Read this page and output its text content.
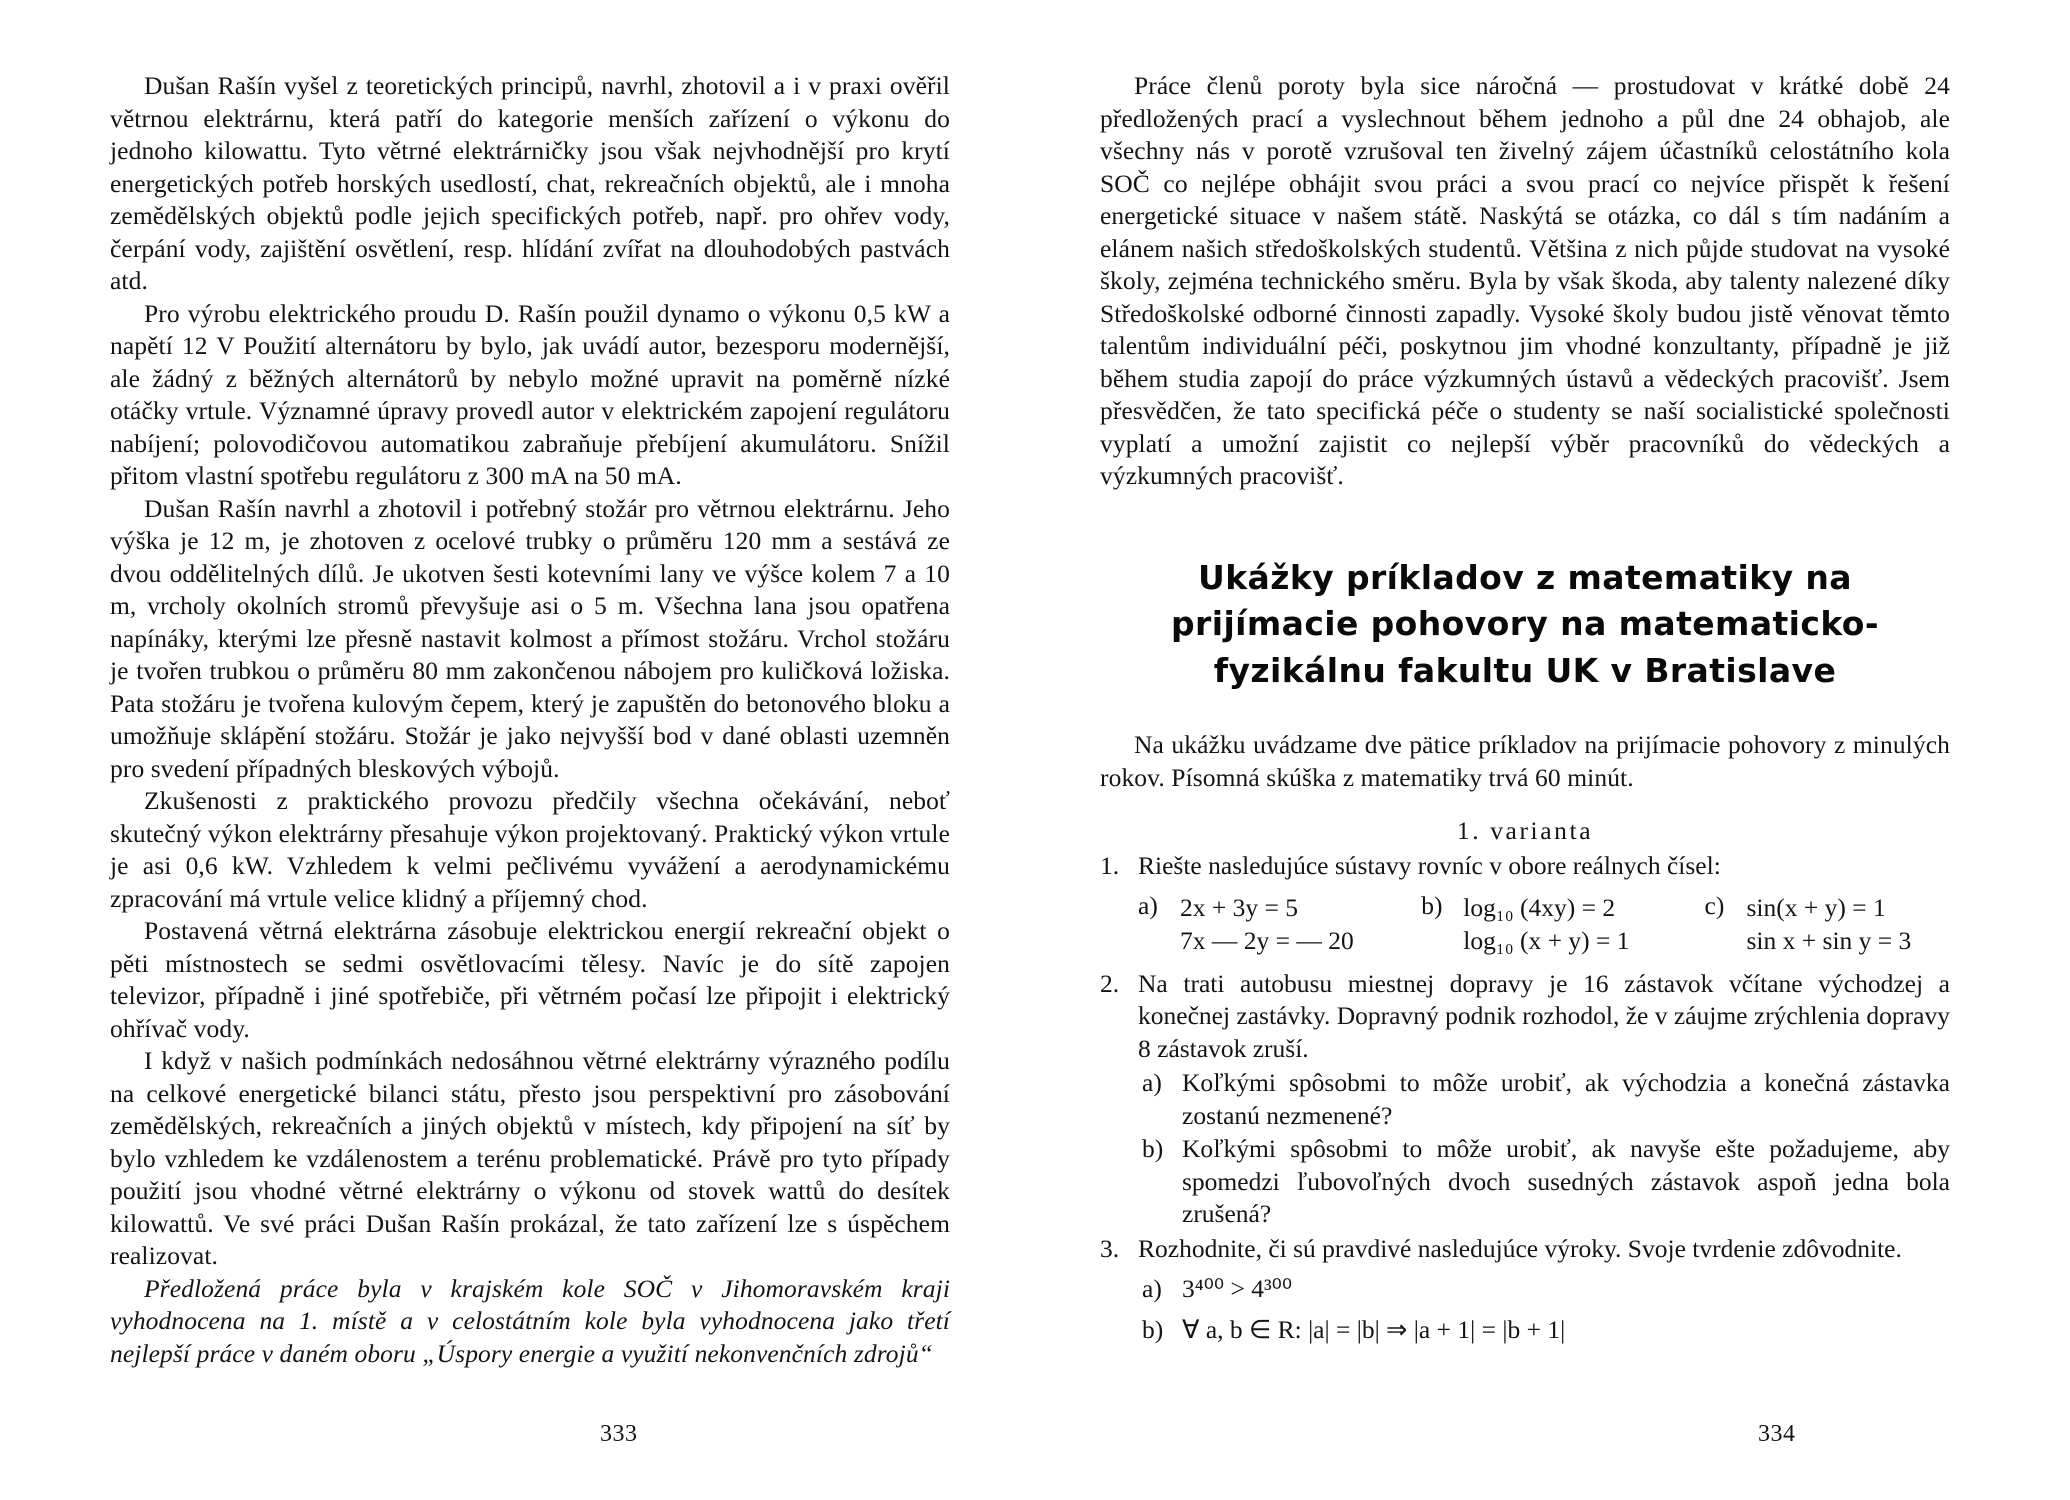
Dušan Rašín vyšel z teoretických principů, navrhl, zhotovil a i v praxi ověřil větrnou elektrárnu, která patří do kategorie menších zařízení o výkonu do jednoho kilowattu. Tyto větrné elektrárničky jsou však nejvhodnější pro krytí energetických potřeb horských usedlostí, chat, rekreačních objektů, ale i mnoha zemědělských objektů podle jejich specifických potřeb, např. pro ohřev vody, čerpání vody, zajištění osvětlení, resp. hlídání zvířat na dlouhodobých pastvách atd.

Pro výrobu elektrického proudu D. Rašín použil dynamo o výkonu 0,5 kW a napětí 12 V Použití alternátoru by bylo, jak uvádí autor, bezesporu modernější, ale žádný z běžných alternátorů by nebylo možné upravit na poměrně nízké otáčky vrtule. Významné úpravy provedl autor v elektrickém zapojení regulátoru nabíjení; polovodičovou automatikou zabraňuje přebíjení akumulátoru. Snížil přitom vlastní spotřebu regulátoru z 300 mA na 50 mA.

Dušan Rašín navrhl a zhotovil i potřebný stožár pro větrnou elektrárnu. Jeho výška je 12 m, je zhotoven z ocelové trubky o průměru 120 mm a sestává ze dvou oddělitelných dílů. Je ukotven šesti kotevními lany ve výšce kolem 7 a 10 m, vrcholy okolních stromů převyšuje asi o 5 m. Všechna lana jsou opatřena napínáky, kterými lze přesně nastavit kolmost a přímost stožáru. Vrchol stožáru je tvořen trubkou o průměru 80 mm zakončenou nábojem pro kuličková ložiska. Pata stožáru je tvořena kulovým čepem, který je zapuštěn do betonového bloku a umožňuje sklápění stožáru. Stožár je jako nejvyšší bod v dané oblasti uzemněn pro svedení případných bleskových výbojů.

Zkušenosti z praktického provozu předčily všechna očekávání, neboť skutečný výkon elektrárny přesahuje výkon projektovaný. Praktický výkon vrtule je asi 0,6 kW. Vzhledem k velmi pečlivému vyvážení a aerodynamickému zpracování má vrtule velice klidný a příjemný chod.

Postavená větrná elektrárna zásobuje elektrickou energií rekreační objekt o pěti místnostech se sedmi osvětlovacími tělesy. Navíc je do sítě zapojen televizor, případně i jiné spotřebiče, při větrném počasí lze připojit i elektrický ohřívač vody.

I když v našich podmínkách nedosáhnou větrné elektrárny výrazného podílu na celkové energetické bilanci státu, přesto jsou perspektivní pro zásobování zemědělských, rekreačních a jiných objektů v místech, kdy připojení na síť by bylo vzhledem ke vzdálenostem a terénu problematické. Právě pro tyto případy použití jsou vhodné větrné elektrárny o výkonu od stovek wattů do desítek kilowattů. Ve své práci Dušan Rašín prokázal, že tato zařízení lze s úspěchem realizovat.

Předložená práce byla v krajském kole SOČ v Jihomoravském kraji vyhodnocena na 1. místě a v celostátním kole byla vyhodnocena jako třetí nejlepší práce v daném oboru „Úspory energie a využití nekonvenčních zdrojů“

333

Práce členů poroty byla sice náročná — prostudovat v krátké době 24 předložených prací a vyslechnout během jednoho a půl dne 24 obhajob, ale všechny nás v porotě vzrušoval ten živelný zájem účastníků celostátního kola SOČ co nejlépe obhájit svou práci a svou prací co nejvíce přispět k řešení energetické situace v našem státě. Naskýtá se otázka, co dál s tím nadáním a elánem našich středoškolských studentů. Většina z nich půjde studovat na vysoké školy, zejména technického směru. Byla by však škoda, aby talenty nalezené díky Středoškolské odborné činnosti zapadly. Vysoké školy budou jistě věnovat těmto talentům individuální péči, poskytnou jim vhodné konzultanty, případně je již během studia zapojí do práce výzkumných ústavů a vědeckých pracovišť. Jsem přesvědčen, že tato specifická péče o studenty se naší socialistické společnosti vyplatí a umožní zajistit co nejlepší výběr pracovníků do vědeckých a výzkumných pracovišť.

Ukážky príkladov z matematiky na prijímacie pohovory na matematicko-fyzikálnu fakultu UK v Bratislave

Na ukážku uvádzame dve pätice príkladov na prijímacie pohovory z minulých rokov. Písomná skúška z matematiky trvá 60 minút.

1. varianta
1. Riešte nasledujúce sústavy rovníc v obore reálnych čísel:
a) 2x + 3y = 5
7x — 2y = — 20
b) log₁₀ (4xy) = 2
log₁₀ (x + y) = 1
c) sin(x + y) = 1
sin x + sin y = 3
2. Na trati autobusu miestnej dopravy je 16 zástavok včítane východzej a konečnej zastávky. Dopravný podnik rozhodol, že v záujme zrýchlenia dopravy 8 zástavok zruší.
a) Koľkými spôsobmi to môže urobiť, ak východzia a konečná zástavka zostanú nezmenené?
b) Koľkými spôsobmi to môže urobiť, ak navyše ešte požadujeme, aby spomedzi ľubovoľných dvoch susedných zástavok aspoň jedna bola zrušená?
3. Rozhodnite, či sú pravdivé nasledujúce výroky. Svoje tvrdenie zdôvodnite.
a) 3⁴⁰⁰ > 4³⁰⁰
b) ∀ a, b ∈ R: |a| = |b| ⇒ |a + 1| = |b + 1|
334
